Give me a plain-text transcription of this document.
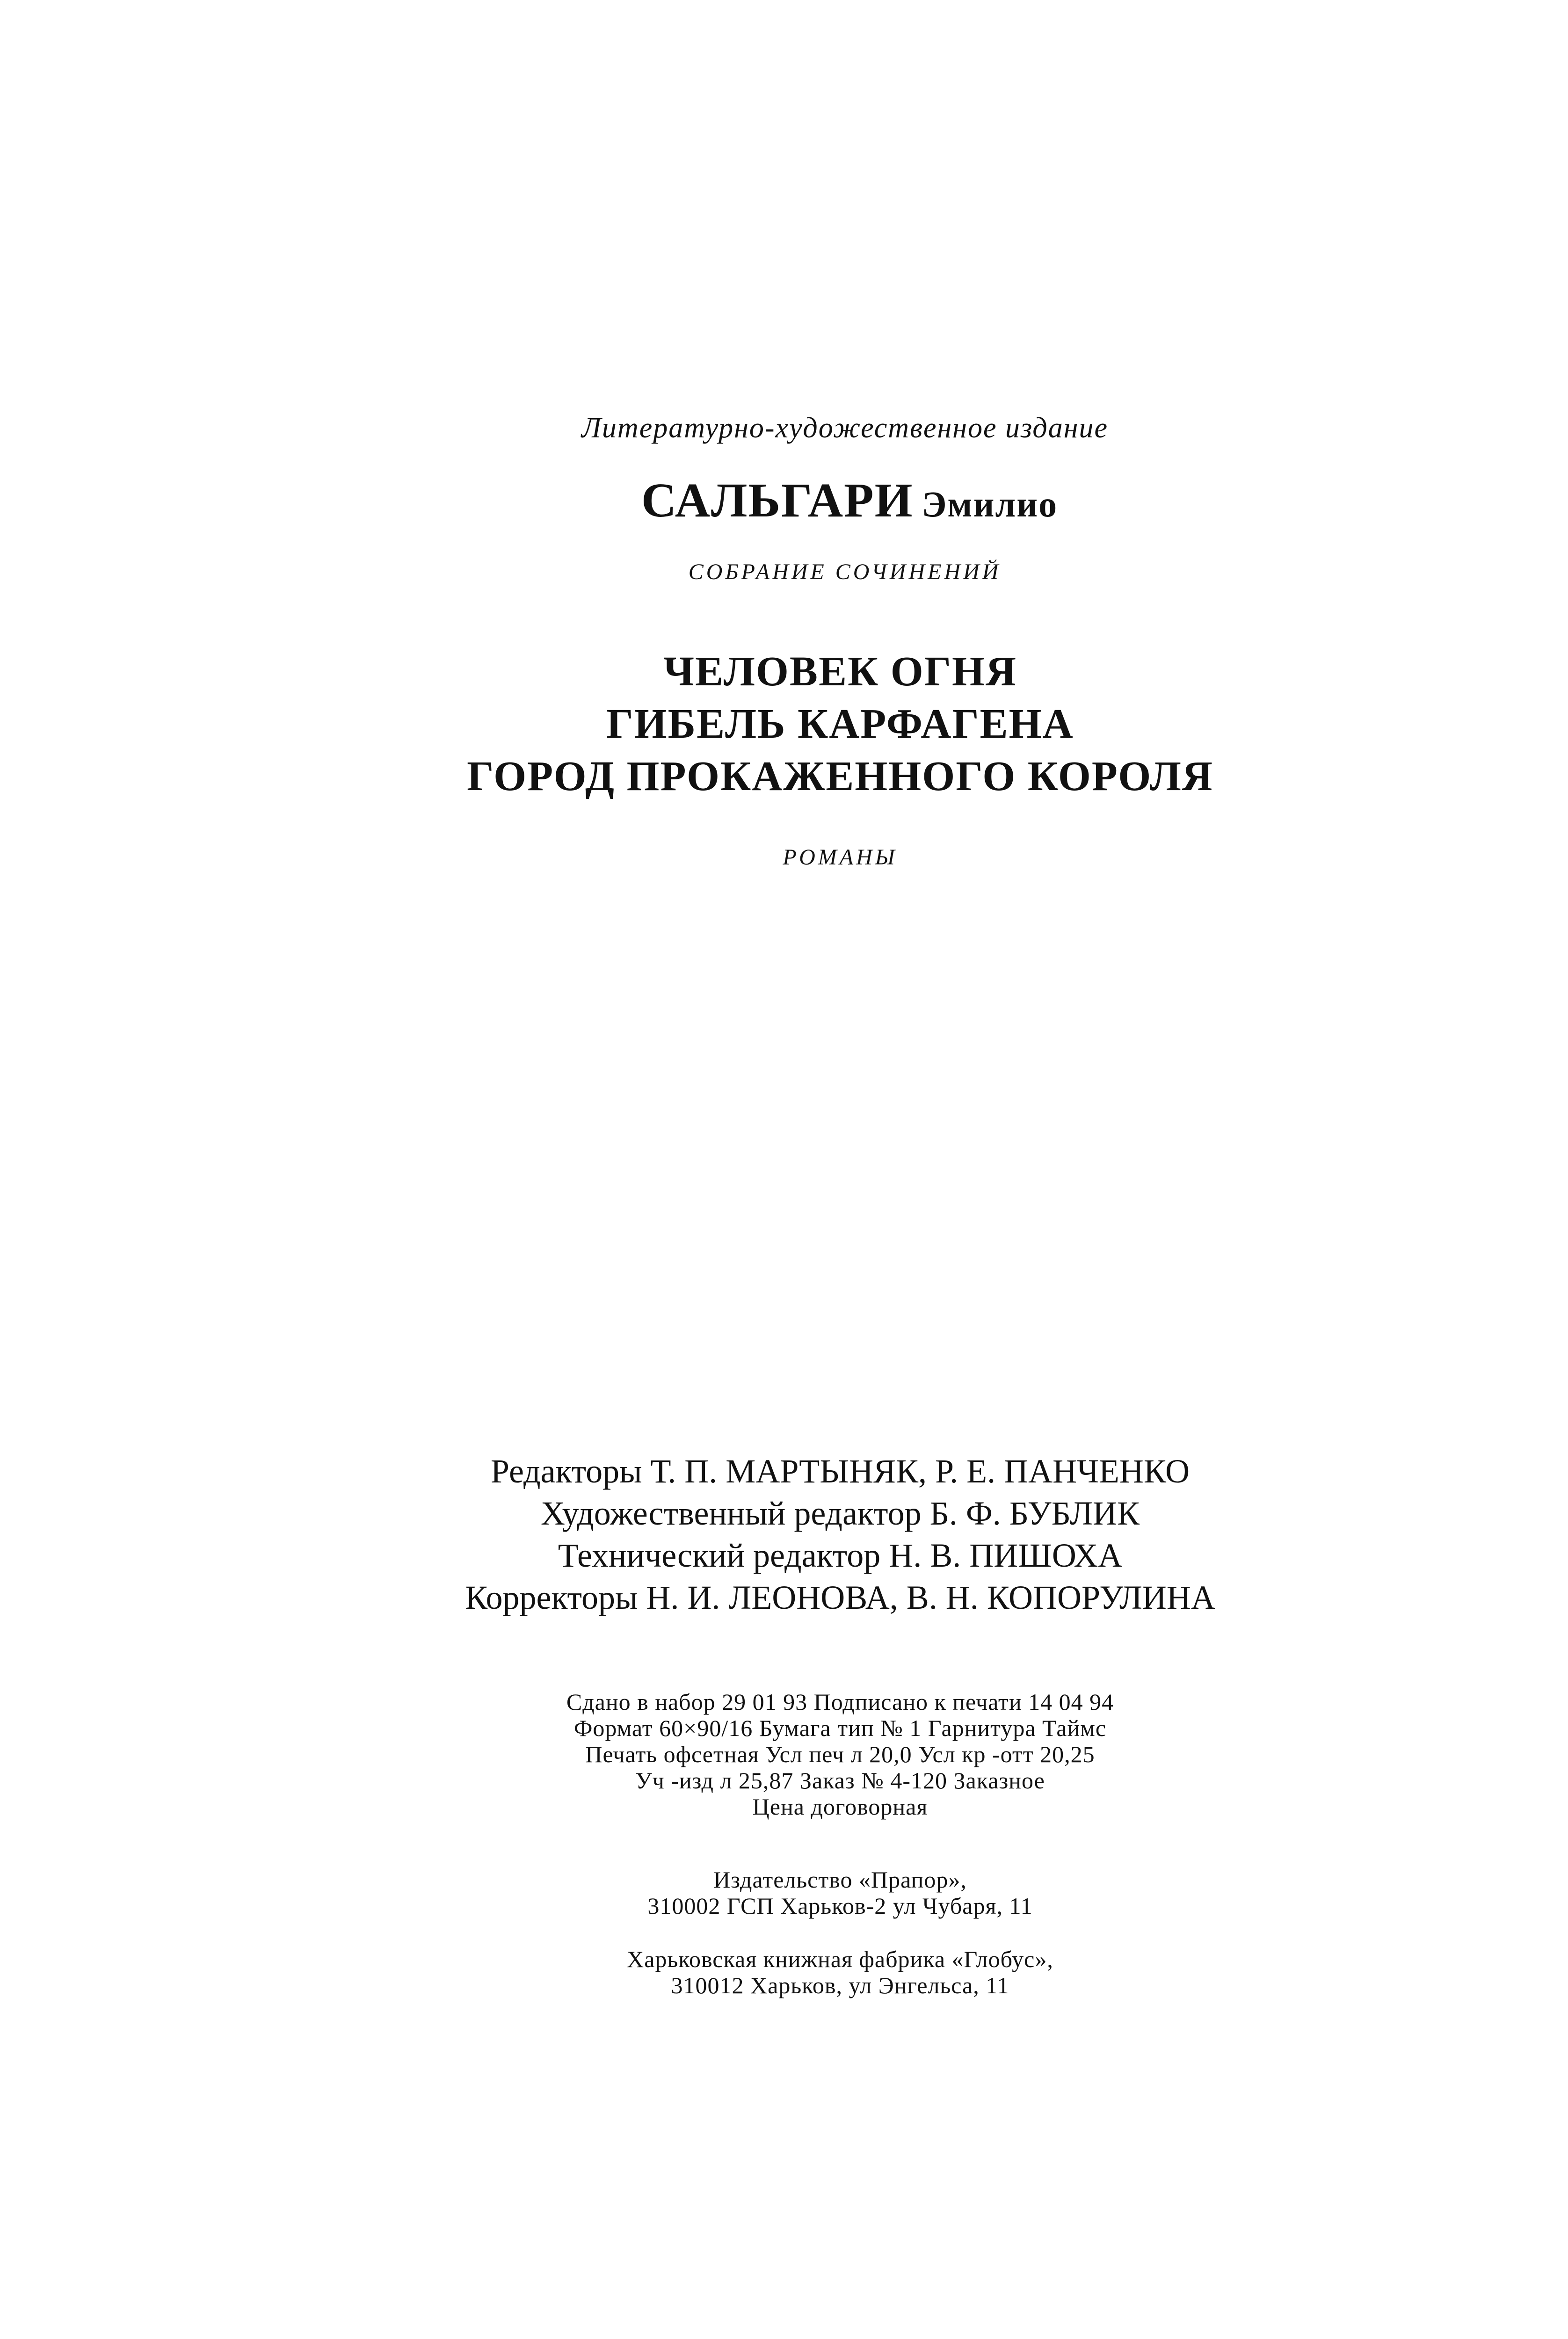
Литературно-художественное издание
САЛЬГАРИ Эмилио
СОБРАНИЕ СОЧИНЕНИЙ
ЧЕЛОВЕК ОГНЯ
ГИБЕЛЬ КАРФАГЕНА
ГОРОД ПРОКАЖЕННОГО КОРОЛЯ
РОМАНЫ
Редакторы Т. П. МАРТЫНЯК, Р. Е. ПАНЧЕНКО
Художественный редактор Б. Ф. БУБЛИК
Технический редактор Н. В. ПИШОХА
Корректоры Н. И. ЛЕОНОВА, В. Н. КОПОРУЛИНА
Сдано в набор 29 01 93 Подписано к печати 14 04 94
Формат 60×90/16 Бумага тип № 1 Гарнитура Таймс
Печать офсетная Усл печ л 20,0 Усл кр -отт 20,25
Уч -изд л 25,87 Заказ № 4-120 Заказное
Цена договорная
Издательство «Прапор»,
310002 ГСП Харьков-2 ул Чубаря, 11
Харьковская книжная фабрика «Глобус»,
310012 Харьков, ул Энгельса, 11
